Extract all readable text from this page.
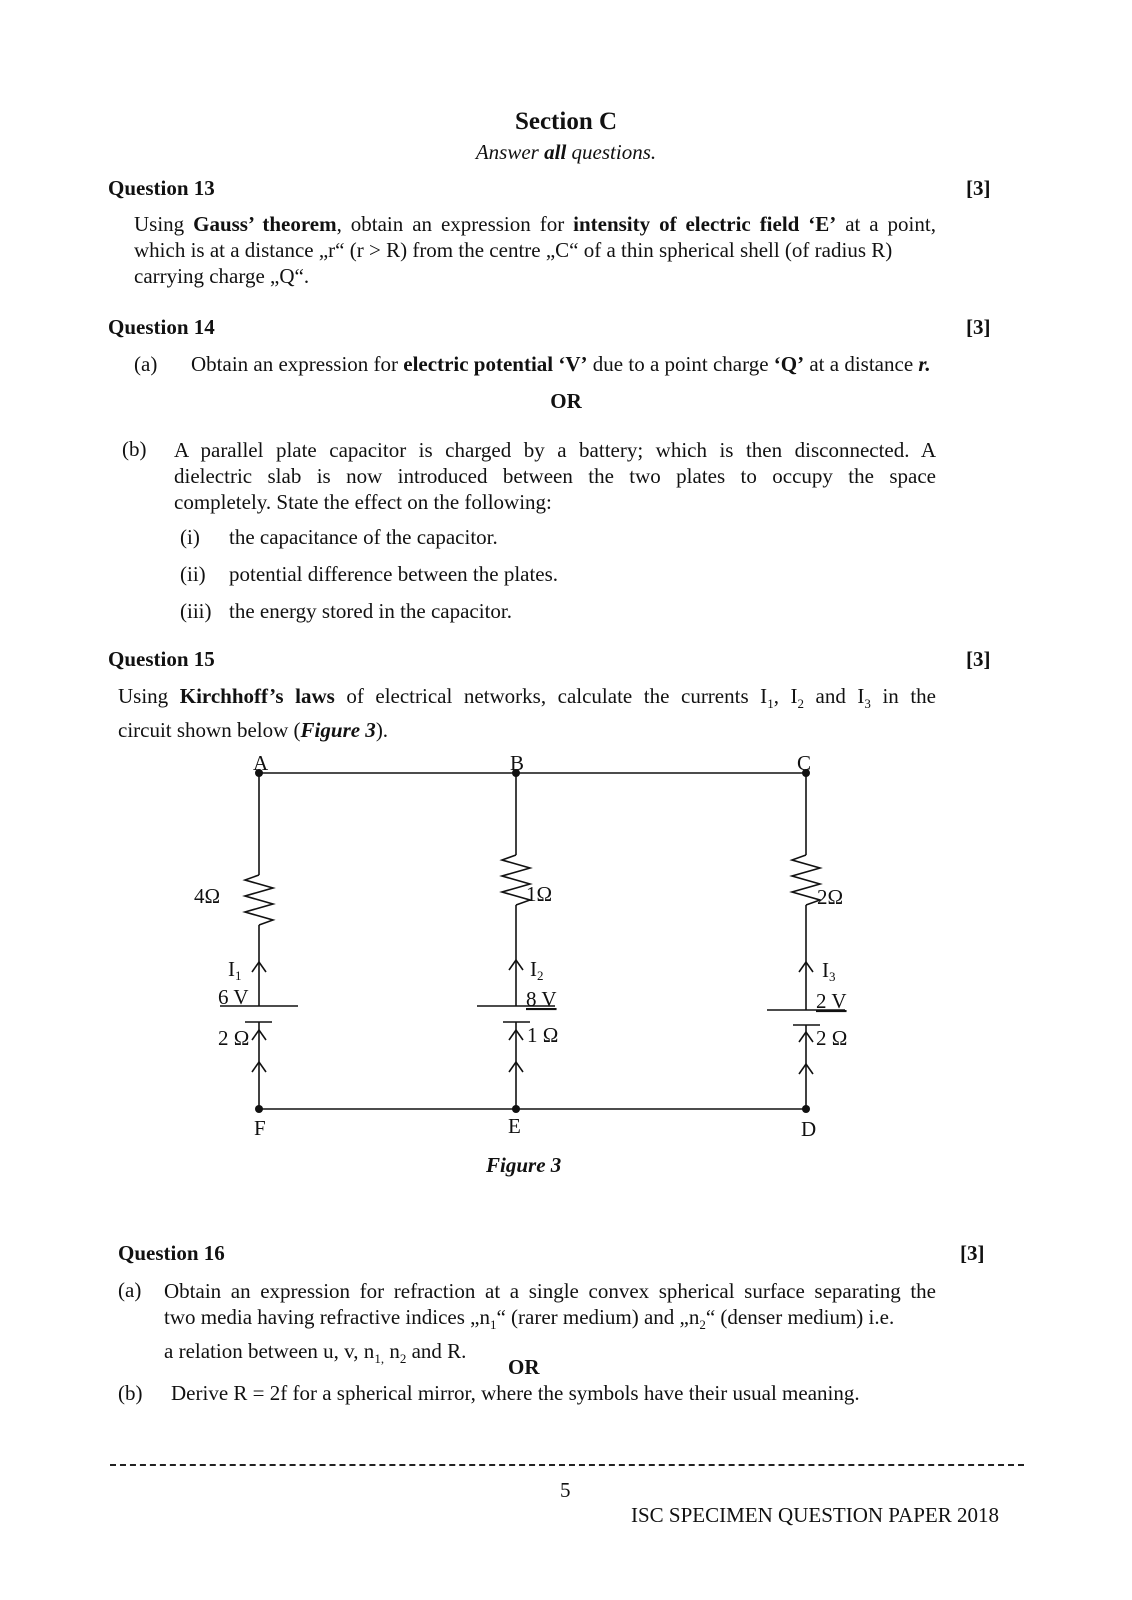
Section C
Answer all questions.
Question 13	[3]
Using Gauss’ theorem, obtain an expression for intensity of electric field ‘E’ at a point,
which is at a distance „r“ (r > R) from the centre „C“ of a thin spherical shell (of radius R)
carrying charge „Q“.
Question 14	[3]
(a) Obtain an expression for electric potential ‘V’ due to a point charge ‘Q’ at a distance r.
OR
(b) A parallel plate capacitor is charged by a battery; which is then disconnected. A
dielectric slab is now introduced between the two plates to occupy the space
completely. State the effect on the following:
(i) the capacitance of the capacitor.
(ii) potential difference between the plates.
(iii) the energy stored in the capacitor.
Question 15	[3]
Using Kirchhoff’s laws of electrical networks, calculate the currents $I_1$, $I_2$ and $I_3$ in the
circuit shown below (Figure 3).
A	B	C
F	E	D
4Ω
I1
6 V
2 Ω
1Ω
I2
8 V
1 Ω
2Ω
I3
2 V
2 Ω
Figure 3
Question 16	[3]
(a) Obtain an expression for refraction at a single convex spherical surface separating the
two media having refractive indices $„n_1“$ (rarer medium) and $„n_2“$ (denser medium) i.e.
a relation between u, v, $n_{1,}$ $n_2$ and R.
OR
(b) Derive R = 2f for a spherical mirror, where the symbols have their usual meaning.
5
ISC SPECIMEN QUESTION PAPER 2018
